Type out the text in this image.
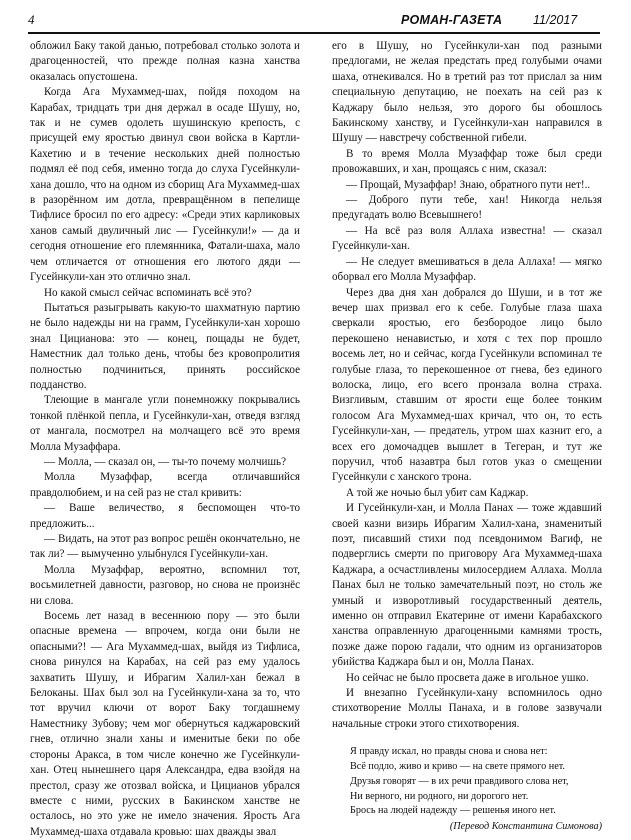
4	РОМАН-ГАЗЕТА 11/2017

обложил Баку такой данью, потребовал столько золота и драгоценностей, что прежде полная казна ханства оказалась опустошена.

Когда Ага Мухаммед-шах, пойдя походом на Карабах, тридцать три дня держал в осаде Шушу, но, так и не сумев одолеть шушинскую крепость, с присущей ему яростью двинул свои войска в Картли-Кахетию и в течение нескольких дней полностью подмял её под себя, именно тогда до слуха Гусейнкули-хана дошло, что на одном из сборищ Ага Мухаммед-шах в разорённом им дотла, превращённом в пепелище Тифлисе бросил по его адресу: «Среди этих карликовых ханов самый двуличный лис — Гусейнкули!» — да и сегодня отношение его племянника, Фатали-шаха, мало чем отличается от отношения его лютого дяди — Гусейнкули-хан это отлично знал.

Но какой смысл сейчас вспоминать всё это?

Пытаться разыгрывать какую-то шахматную партию не было надежды ни на грамм, Гусейнкули-хан хорошо знал Цицианова: это — конец, пощады не будет, Наместник дал только день, чтобы без кровопролития полностью подчиниться, принять российское подданство.

Тлеющие в мангале угли понемножку покрывались тонкой плёнкой пепла, и Гусейнкули-хан, отведя взгляд от мангала, посмотрел на молчащего всё это время Молла Музаффара.

— Молла, — сказал он, — ты-то почему молчишь?

Молла Музаффар, всегда отличавшийся правдолюбием, и на сей раз не стал кривить:

— Ваше величество, я беспомощен что-то предложить...

— Видать, на этот раз вопрос решён окончательно, не так ли? — вымученно улыбнулся Гусейнкули-хан.

Молла Музаффар, вероятно, вспомнил тот, восьмилетней давности, разговор, но снова не произнёс ни слова.

Восемь лет назад в весеннюю пору — это были опасные времена — впрочем, когда они были не опасными?! — Ага Мухаммед-шах, выйдя из Тифлиса, снова ринулся на Карабах, на сей раз ему удалось захватить Шушу, и Ибрагим Халил-хан бежал в Белоканы. Шах был зол на Гусейнкули-хана за то, что тот вручил ключи от ворот Баку тогдашнему Наместнику Зубову; чем мог обернуться каджаровский гнев, отлично знали ханы и именитые беки по обе стороны Аракса, в том числе конечно же Гусейнкули-хан. Отец нынешнего царя Александра, едва взойдя на престол, сразу же отозвал войска, и Цицианов убрался вместе с ними, русских в Бакинском ханстве не осталось, но это уже не имело значения. Ярость Ага Мухаммед-шаха отдавала кровью: шах дважды звал

его в Шушу, но Гусейнкули-хан под разными предлогами, не желая предстать пред голубыми очами шаха, отнекивался. Но в третий раз тот прислал за ним специальную депутацию, не поехать на сей раз к Каджару было нельзя, это дорого бы обошлось Бакинскому ханству, и Гусейнкули-хан направился в Шушу — навстречу собственной гибели.

В то время Молла Музаффар тоже был среди провожавших, и хан, прощаясь с ним, сказал:

— Прощай, Музаффар! Знаю, обратного пути нет!..

— Доброго пути тебе, хан! Никогда нельзя предугадать волю Всевышнего!

— На всё раз воля Аллаха известна! — сказал Гусейнкули-хан.

— Не следует вмешиваться в дела Аллаха! — мягко оборвал его Молла Музаффар.

Через два дня хан добрался до Шуши, и в тот же вечер шах призвал его к себе. Голубые глаза шаха сверкали яростью, его безбородое лицо было перекошено ненавистью, и хотя с тех пор прошло восемь лет, но и сейчас, когда Гусейнкули вспоминал те голубые глаза, то перекошенное от гнева, без единого волоска, лицо, его всего пронзала волна страха. Визгливым, ставшим от ярости еще более тонким голосом Ага Мухаммед-шах кричал, что он, то есть Гусейнкули-хан, — предатель, утром шах казнит его, а всех его домочадцев вышлет в Тегеран, и тут же поручил, чтоб назавтра был готов указ о смещении Гусейнкули с ханского трона.

А той же ночью был убит сам Каджар.

И Гусейнкули-хан, и Молла Панах — тоже ждавший своей казни визирь Ибрагим Халил-хана, знаменитый поэт, писавший стихи под псевдонимом Вагиф, не подверглись смерти по приговору Ага Мухаммед-шаха Каджара, а осчастливлены милосердием Аллаха. Молла Панах был не только замечательный поэт, но столь же умный и изворотливый государственный деятель, именно он отправил Екатерине от имени Карабахского ханства оправленную драгоценными камнями трость, позже даже порою гадали, что одним из организаторов убийства Каджара был и он, Молла Панах.

Но сейчас не было просвета даже в игольное ушко.

И внезапно Гусейнкули-хану вспомнилось одно стихотворение Моллы Панаха, и в голове зазвучали начальные строки этого стихотворения.

Я правду искал, но правды снова и снова нет:
Всё подло, живо и криво — на свете прямого нет.
Друзья говорят — в их речи правдивого слова нет,
Ни верного, ни родного, ни дорогого нет.
Брось на людей надежду — решенья иного нет.
(Перевод Константина Симонова)
